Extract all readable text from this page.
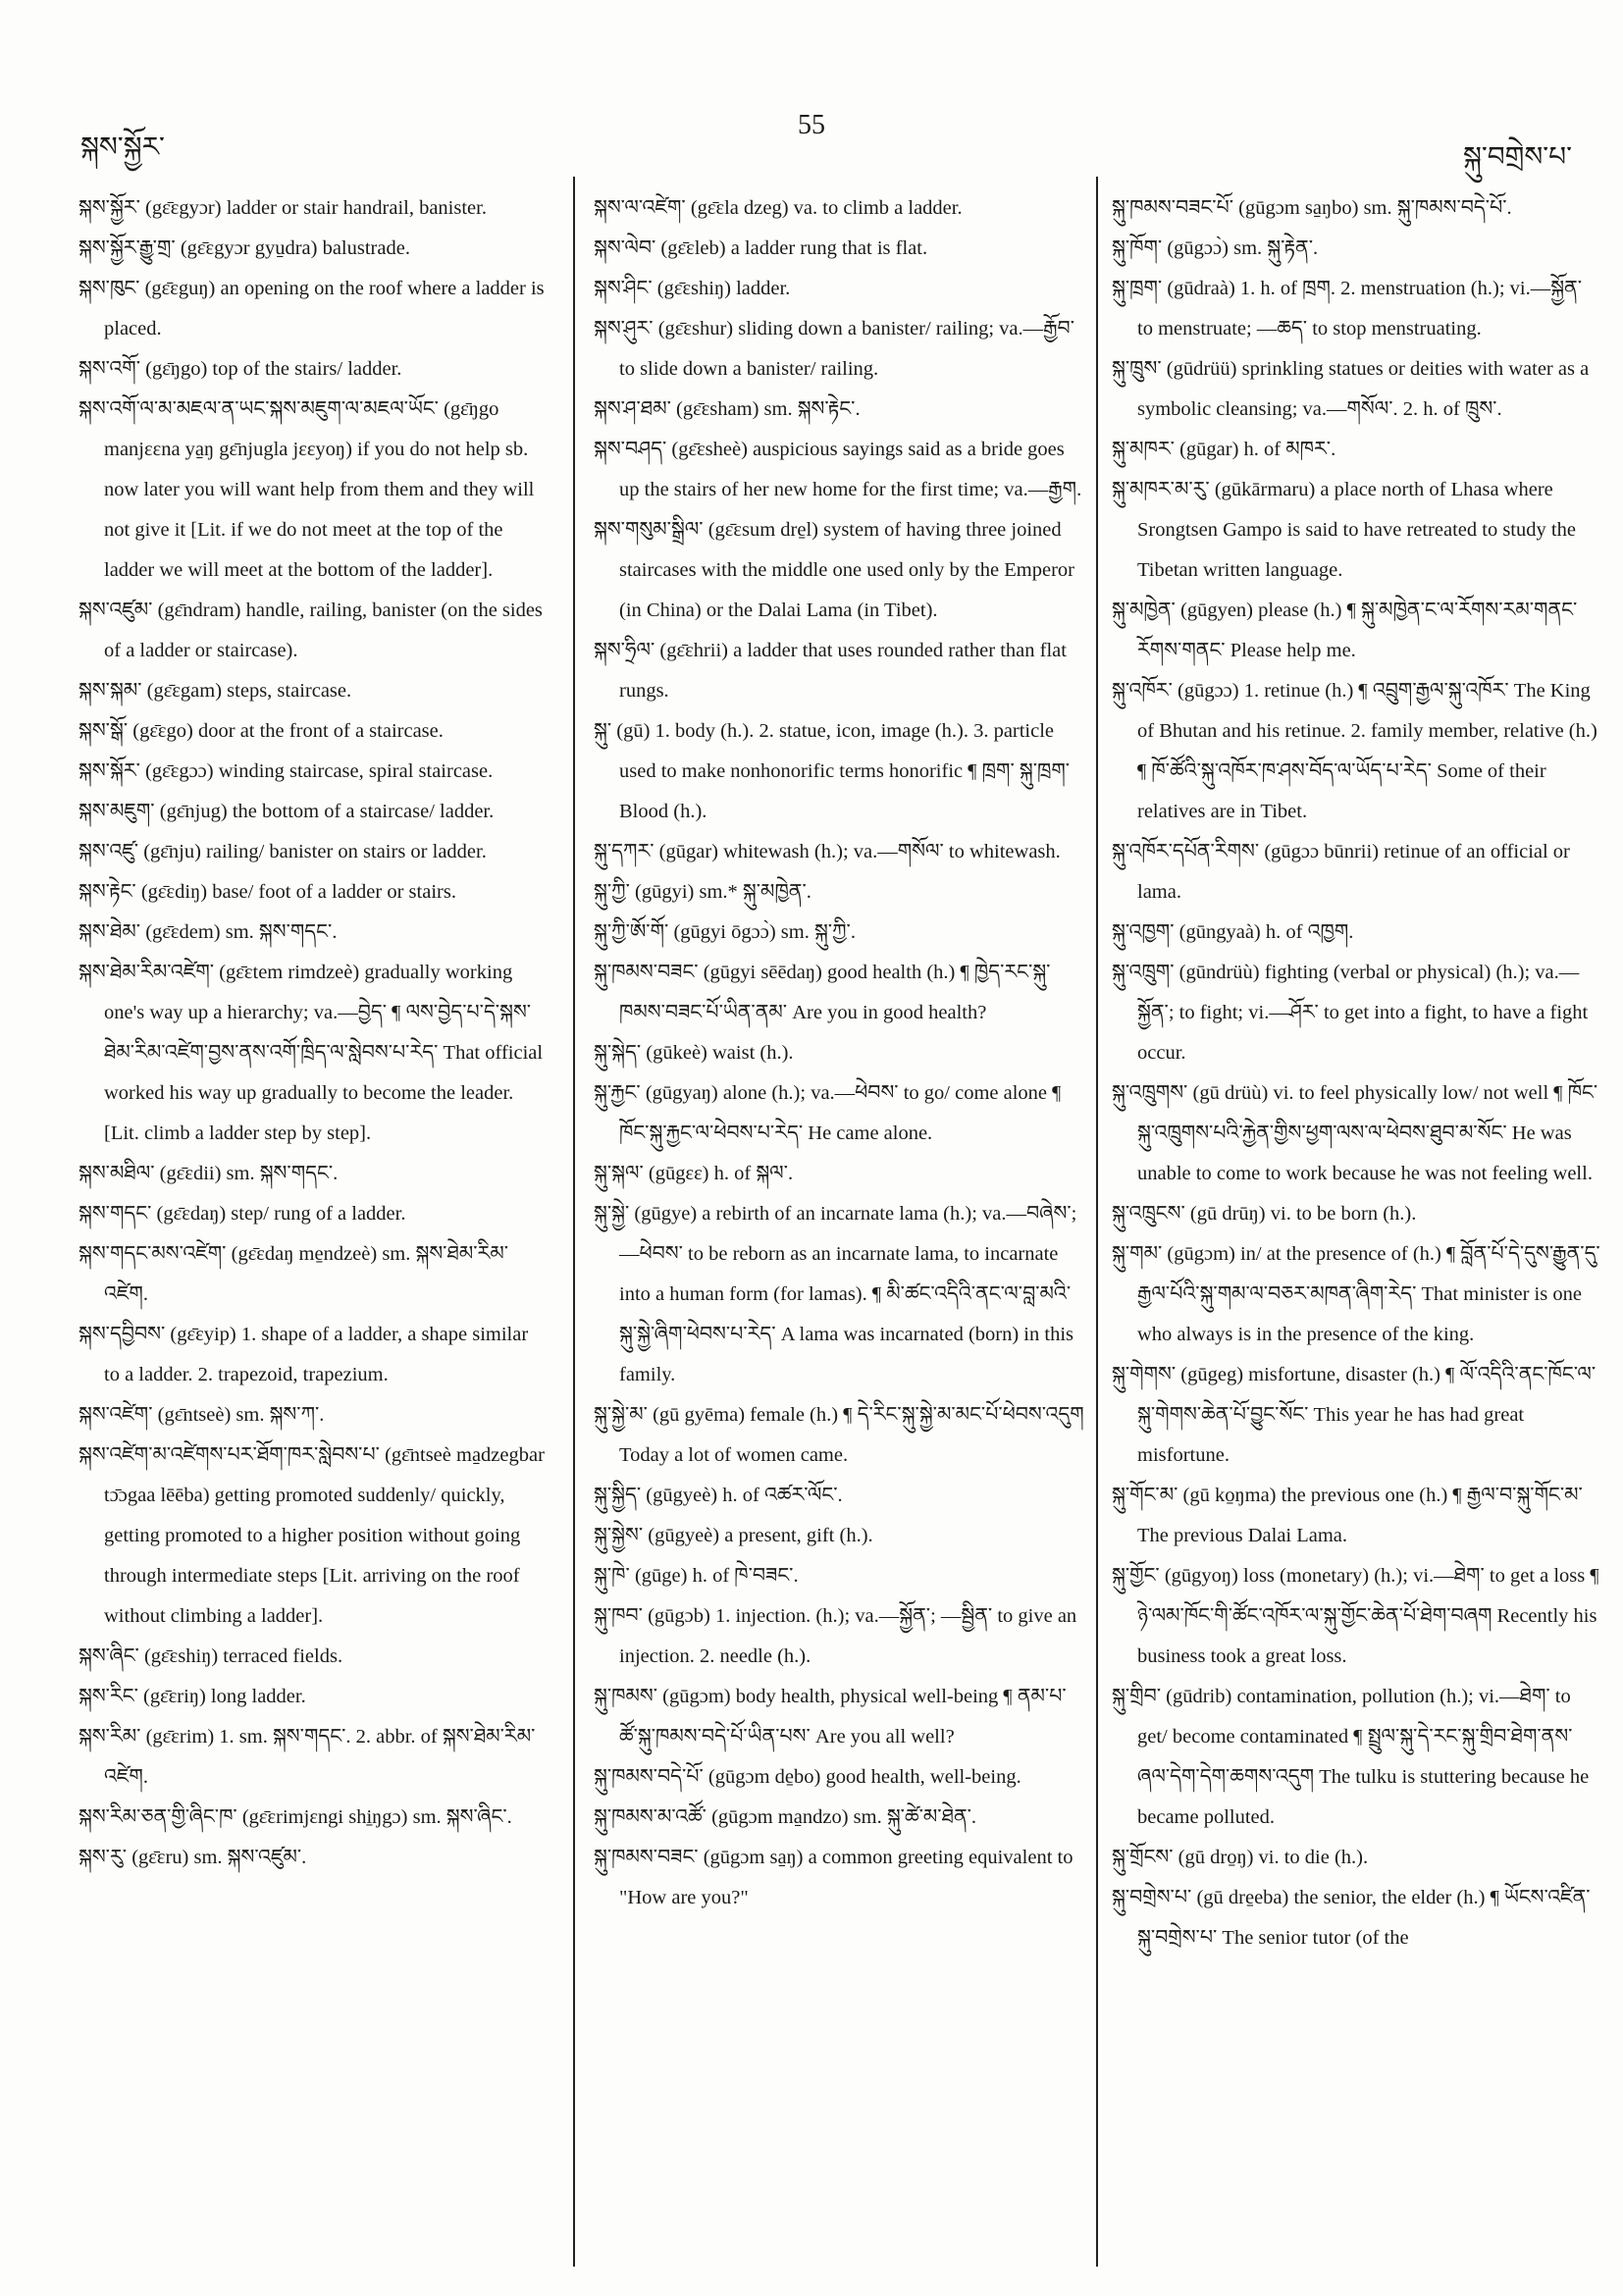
སྐས་སྐྱོར་
55
སྐུ་བགྲེས་པ་

སྐས་སྐྱོར་ (gɛ̄ɛgyɔr) ladder or stair handrail, banister.

སྐས་སྐྱོར་རྒྱུ་གྲ་ (gɛ̄ɛgyɔr gyu̱dra) balustrade.

སྐས་ཁུང་ (gɛ̄ɛguŋ) an opening on the roof where a ladder is placed.

སྐས་འགོ་ (gɛ̄ŋgo) top of the stairs/ ladder.

སྐས་འགོ་ལ་མ་མཇལ་ན་ཡང་སྐས་མཇུག་ལ་མཇལ་ཡོང་ (gɛ̄ŋgo manjɛɛna ya̱ŋ gɛ̄njugla jɛɛyoŋ) if you do not help sb. now later you will want help from them and they will not give it [Lit. if we do not meet at the top of the ladder we will meet at the bottom of the ladder].

སྐས་འཛུམ་ (gɛ̄ndram) handle, railing, banister (on the sides of a ladder or staircase).

སྐས་སྐམ་ (gɛ̄ɛgam) steps, staircase.

སྐས་སྒོ་ (gɛ̄ɛgo) door at the front of a staircase.

སྐས་སྐོར་ (gɛ̄ɛgɔɔ) winding staircase, spiral staircase.

སྐས་མཇུག་ (gɛ̄njug) the bottom of a staircase/ ladder.

སྐས་འཛུ་ (gɛ̄nju) railing/ banister on stairs or ladder.

སྐས་རྟེང་ (gɛ̄ɛdiŋ) base/ foot of a ladder or stairs.

སྐས་ཐེམ་ (gɛ̄ɛdem) sm. སྐས་གདང་.

སྐས་ཐེམ་རིམ་འཛེག་ (gɛ̄ɛtem rimdzeè) gradually working one's way up a hierarchy; va.—བྱེད་ ¶ ལས་བྱེད་པ་དེ་སྐས་ཐེམ་རིམ་འཛེག་བྱས་ནས་འགོ་ཁྲིད་ལ་སླེབས་པ་རེད་ That official worked his way up gradually to become the leader. [Lit. climb a ladder step by step].

སྐས་མཐིལ་ (gɛ̄ɛdii) sm. སྐས་གདང་.

སྐས་གདང་ (gɛ̄ɛdaŋ) step/ rung of a ladder.

སྐས་གདང་མས་འཛེག་ (gɛ̄ɛdaŋ me̱ndzeè) sm. སྐས་ཐེམ་རིམ་འཛེག.

སྐས་དབྱིབས་ (gɛ̄ɛyip) 1. shape of a ladder, a shape similar to a ladder. 2. trapezoid, trapezium.

སྐས་འཛེག་ (gɛ̄ntseè) sm. སྐས་ཀ་.

སྐས་འཛེག་མ་འཛེགས་པར་ཐོག་ཁར་སླེབས་པ་ (gɛ̄ntseè ma̱dzegbar tɔ̄ɔgaa lēēba) getting promoted suddenly/ quickly, getting promoted to a higher position without going through intermediate steps [Lit. arriving on the roof without climbing a ladder].

སྐས་ཞིང་ (gɛ̄ɛshiŋ) terraced fields.

སྐས་རིང་ (gɛ̄ɛriŋ) long ladder.

སྐས་རིམ་ (gɛ̄ɛrim) 1. sm. སྐས་གདང་. 2. abbr. of སྐས་ཐེམ་རིམ་འཛེག.

སྐས་རིམ་ཅན་གྱི་ཞིང་ཁ་ (gɛ̄ɛrimjɛngi shi̱ŋgɔ) sm. སྐས་ཞིང་.

སྐས་རུ་ (gɛ̄ɛru) sm. སྐས་འཛུམ་.

སྐས་ལ་འཛེག་ (gɛ̄ɛla dzeg) va. to climb a ladder.

སྐས་ལེབ་ (gɛ̄ɛleb) a ladder rung that is flat.

སྐས་ཤིང་ (gɛ̄ɛshiŋ) ladder.

སྐས་ཤུར་ (gɛ̄ɛshur) sliding down a banister/ railing; va.—རྒྱོབ་ to slide down a banister/ railing.

སྐས་ཤ་ཐམ་ (gɛ̄ɛsham) sm. སྐས་རྟེང་.

སྐས་བཤད་ (gɛ̄ɛsheè) auspicious sayings said as a bride goes up the stairs of her new home for the first time; va.—རྒྱག.

སྐས་གསུམ་སྒྲིལ་ (gɛ̄ɛsum dre̱l) system of having three joined staircases with the middle one used only by the Emperor (in China) or the Dalai Lama (in Tibet).

སྐས་ཧྲིལ་ (gɛ̄ɛhrii) a ladder that uses rounded rather than flat rungs.

སྐུ་ (gū) 1. body (h.). 2. statue, icon, image (h.). 3. particle used to make nonhonorific terms honorific ¶ ཁྲག་ སྐུ་ཁྲག་ Blood (h.).

སྐུ་དཀར་ (gūgar) whitewash (h.); va.—གསོལ་ to whitewash.

སྐུ་ཀྱི་ (gūgyi) sm.* སྐུ་མཁྱེན་.

སྐུ་ཀྱི་ཨོ་གོ་ (gūgyi ōgɔɔ̀) sm. སྐུ་ཀྱི་.

སྐུ་ཁམས་བཟང་ (gūgyi sēēdaŋ) good health (h.) ¶ ཁྱེད་རང་སྐུ་ཁམས་བཟང་པོ་ཡིན་ནམ་ Are you in good health?

སྐུ་སྐེད་ (gūkeè) waist (h.).

སྐུ་རྐྱང་ (gūgyaŋ) alone (h.); va.—ཕེབས་ to go/ come alone ¶ ཁོང་སྐུ་རྐྱང་ལ་ཕེབས་པ་རེད་ He came alone.

སྐུ་སྐལ་ (gūgɛɛ) h. of སྐལ་.

སྐུ་སྐྱེ་ (gūgye) a rebirth of an incarnate lama (h.); va.—བཞེས་; —ཕེབས་ to be reborn as an incarnate lama, to incarnate into a human form (for lamas). ¶ མི་ཚང་འདིའི་ནང་ལ་བླ་མའི་སྐུ་སྐྱེ་ཞིག་ཕེབས་པ་རེད་ A lama was incarnated (born) in this family.

སྐུ་སྐྱེ་མ་ (gū gyēma) female (h.) ¶ དེ་རིང་སྐུ་སྐྱེ་མ་མང་པོ་ཕེབས་འདུག Today a lot of women came.

སྐུ་སྐྱིད་ (gūgyeè) h. of འཚར་ལོང་.

སྐུ་སྐྱེས་ (gūgyeè) a present, gift (h.).

སྐུ་ཁེ་ (gūge) h. of ཁེ་བཟང་.

སྐུ་ཁབ་ (gūgɔb) 1. injection. (h.); va.—སྐྱོན་; —སྦྱིན་ to give an injection. 2. needle (h.).

སྐུ་ཁམས་ (gūgɔm) body health, physical well-being ¶ ནམ་པ་ཚོ་སྐུ་ཁམས་བདེ་པོ་ཡིན་པས་ Are you all well?

སྐུ་ཁམས་བདེ་པོ་ (gūgɔm de̱bo) good health, well-being.

སྐུ་ཁམས་མ་འཚོ་ (gūgɔm ma̱ndzo) sm. སྐུ་ཚེ་མ་ཐེན་.

སྐུ་ཁམས་བཟང་ (gūgɔm sa̱ŋ) a common greeting equivalent to "How are you?"

སྐུ་ཁམས་བཟང་པོ་ (gūgɔm sa̱ŋbo) sm. སྐུ་ཁམས་བདེ་པོ་.

སྐུ་ཁོག་ (gūgɔɔ̀) sm. སྐུ་རྟེན་.

སྐུ་ཁྲག་ (gūdraà) 1. h. of ཁྲག. 2. menstruation (h.); vi.—སྐྱོན་ to menstruate; —ཆད་ to stop menstruating.

སྐུ་ཁྲུས་ (gūdrüü) sprinkling statues or deities with water as a symbolic cleansing; va.—གསོལ་. 2. h. of ཁྲུས་.

སྐུ་མཁར་ (gūgar) h. of མཁར་.

སྐུ་མཁར་མ་རུ་ (gūkārmaru) a place north of Lhasa where Srongtsen Gampo is said to have retreated to study the Tibetan written language.

སྐུ་མཁྱེན་ (gūgyen) please (h.) ¶ སྐུ་མཁྱེན་ང་ལ་རོགས་རམ་གནང་རོགས་གནང་ Please help me.

སྐུ་འཁོར་ (gūgɔɔ) 1. retinue (h.) ¶ འབྲུག་རྒྱལ་སྐུ་འཁོར་ The King of Bhutan and his retinue. 2. family member, relative (h.) ¶ ཁོ་ཚོའི་སྐུ་འཁོར་ཁ་ཤས་བོད་ལ་ཡོད་པ་རེད་ Some of their relatives are in Tibet.

སྐུ་འཁོར་དཔོན་རིགས་ (gūgɔɔ būnrii) retinue of an official or lama.

སྐུ་འཁྱག་ (gūngyaà) h. of འཁྱག.

སྐུ་འཁྲུག་ (gūndrüù) fighting (verbal or physical) (h.); va.—སྐྱོན་; to fight; vi.—ཤོར་ to get into a fight, to have a fight occur.

སྐུ་འཁྲུགས་ (gū drüù) vi. to feel physically low/ not well ¶ ཁོང་སྐུ་འཁྲུགས་པའི་རྐྱེན་གྱིས་ཕྱག་ལས་ལ་ཕེབས་ཐུབ་མ་སོང་ He was unable to come to work because he was not feeling well.

སྐུ་འཁྲུངས་ (gū drūŋ) vi. to be born (h.).

སྐུ་གམ་ (gūgɔm) in/ at the presence of (h.) ¶ བློན་པོ་དེ་དུས་རྒྱུན་དུ་རྒྱལ་པོའི་སྐུ་གམ་ལ་བཅར་མཁན་ཞིག་རེད་ That minister is one who always is in the presence of the king.

སྐུ་གེགས་ (gūgeg) misfortune, disaster (h.) ¶ ལོ་འདིའི་ནང་ཁོང་ལ་སྐུ་གེགས་ཆེན་པོ་བྱུང་སོང་ This year he has had great misfortune.

སྐུ་གོང་མ་ (gū ko̱ŋma) the previous one (h.) ¶ རྒྱལ་བ་སྐུ་གོང་མ་ The previous Dalai Lama.

སྐུ་གྱོང་ (gūgyoŋ) loss (monetary) (h.); vi.—ཐེག་ to get a loss ¶ ཉེ་ལམ་ཁོང་གི་ཚོང་འཁོར་ལ་སྐུ་གྱོང་ཆེན་པོ་ཐེག་བཞག Recently his business took a great loss.

སྐུ་གྲིབ་ (gūdrib) contamination, pollution (h.); vi.—ཐེག་ to get/ become contaminated ¶ སྤྲུལ་སྐུ་དེ་རང་སྐུ་གྲིབ་ཐེག་ནས་ཞལ་དེག་དེག་ཆགས་འདུག The tulku is stuttering because he became polluted.

སྐུ་གྲོངས་ (gū dro̱ŋ) vi. to die (h.).

སྐུ་བགྲེས་པ་ (gū dre̱eba) the senior, the elder (h.) ¶ ཡོངས་འཛིན་སྐུ་བགྲེས་པ་ The senior tutor (of the
